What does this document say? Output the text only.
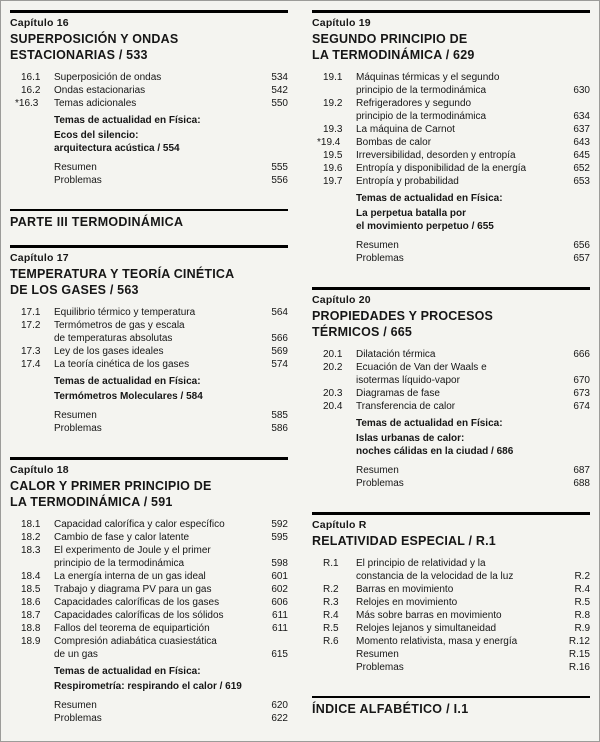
Capítulo 16
SUPERPOSICIÓN Y ONDAS
ESTACIONARIAS / 533
16.1	Superposición de ondas	534
16.2	Ondas estacionarias	542
*16.3	Temas adicionales	550
Temas de actualidad en Física:
Ecos del silencio:
arquitectura acústica / 554
Resumen	555
Problemas	556
PARTE III TERMODINÁMICA
Capítulo 17
TEMPERATURA Y TEORÍA CINÉTICA
DE LOS GASES / 563
17.1	Equilibrio térmico y temperatura	564
17.2	Termómetros de gas y escala
de temperaturas absolutas	566
17.3	Ley de los gases ideales	569
17.4	La teoría cinética de los gases	574
Temas de actualidad en Física:
Termómetros Moleculares / 584
Resumen	585
Problemas	586
Capítulo 18
CALOR Y PRIMER PRINCIPIO DE
LA TERMODINÁMICA / 591
18.1	Capacidad calorífica y calor específico	592
18.2	Cambio de fase y calor latente	595
18.3	El experimento de Joule y el primer
principio de la termodinámica	598
18.4	La energía interna de un gas ideal	601
18.5	Trabajo y diagrama PV para un gas	602
18.6	Capacidades caloríficas de los gases	606
18.7	Capacidades caloríficas de los sólidos	611
18.8	Fallos del teorema de equipartición	611
18.9	Compresión adiabática cuasiestática
de un gas	615
Temas de actualidad en Física:
Respirometría: respirando el calor / 619
Resumen	620
Problemas	622
Capítulo 19
SEGUNDO PRINCIPIO DE
LA TERMODINÁMICA / 629
19.1	Máquinas térmicas y el segundo
principio de la termodinámica	630
19.2	Refrigeradores y segundo
principio de la termodinámica	634
19.3	La máquina de Carnot	637
*19.4	Bombas de calor	643
19.5	Irreversibilidad, desorden y entropía	645
19.6	Entropía y disponibilidad de la energía	652
19.7	Entropía y probabilidad	653
Temas de actualidad en Física:
La perpetua batalla por
el movimiento perpetuo / 655
Resumen	656
Problemas	657
Capítulo 20
PROPIEDADES Y PROCESOS
TÉRMICOS / 665
20.1	Dilatación térmica	666
20.2	Ecuación de Van der Waals e
isotermas líquido-vapor	670
20.3	Diagramas de fase	673
20.4	Transferencia de calor	674
Temas de actualidad en Física:
Islas urbanas de calor:
noches cálidas en la ciudad / 686
Resumen	687
Problemas	688
Capítulo R
RELATIVIDAD ESPECIAL / R.1
R.1	El principio de relatividad y la
constancia de la velocidad de la luz	R.2
R.2	Barras en movimiento	R.4
R.3	Relojes en movimiento	R.5
R.4	Más sobre barras en movimiento	R.8
R.5	Relojes lejanos y simultaneidad	R.9
R.6	Momento relativista, masa y energía	R.12
Resumen	R.15
Problemas	R.16
ÍNDICE ALFABÉTICO / I.1
